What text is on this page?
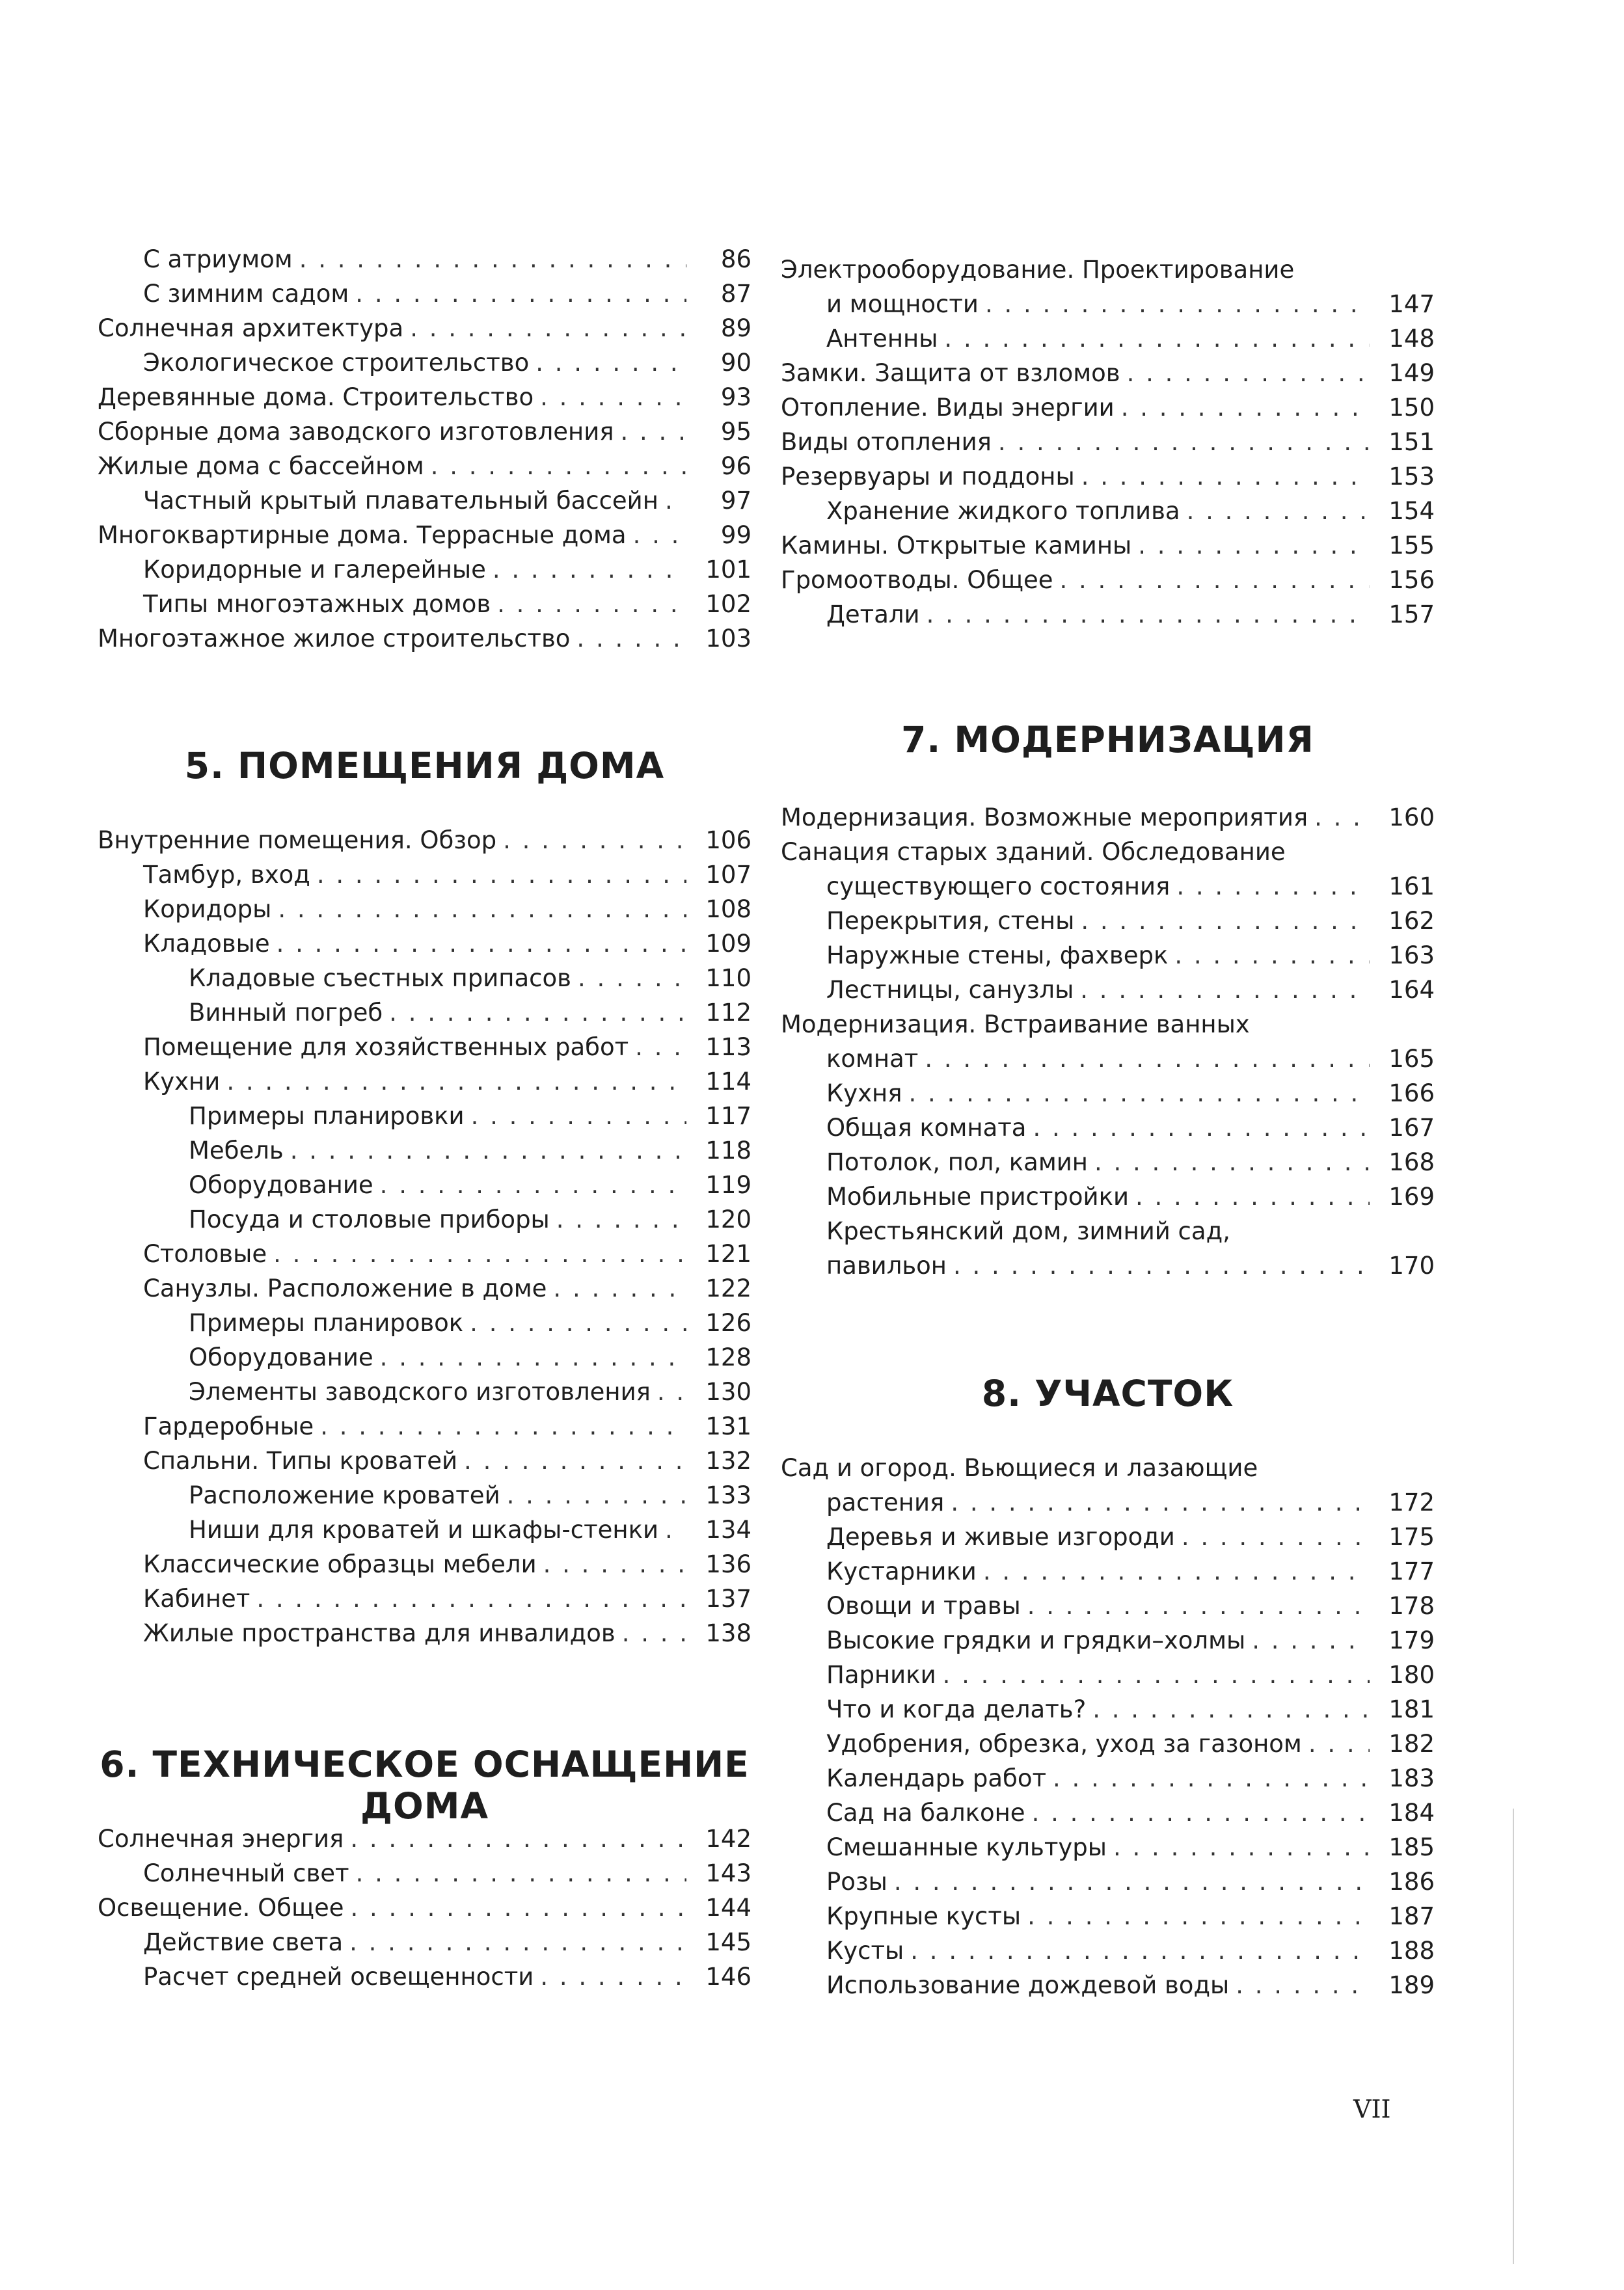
С атриумом . . .	86
С зимним садом . . .	87
Солнечная архитектура . . .	89
Экологическое строительство . . .	90
Деревянные дома. Строительство . . .	93
Сборные дома заводского изготовления . . .	95
Жилые дома с бассейном . . .	96
Частный крытый плавательный бассейн . . .	97
Многоквартирные дома. Террасные дома . . .	99
Коридорные и галерейные . . .	101
Типы многоэтажных домов . . .	102
Многоэтажное жилое строительство . . .	103
5. ПОМЕЩЕНИЯ ДОМА
Внутренние помещения. Обзор . . .	106
Тамбур, вход . . .	107
Коридоры . . .	108
Кладовые . . .	109
Кладовые съестных припасов . . .	110
Винный погреб . . .	112
Помещение для хозяйственных работ . . .	113
Кухни . . .	114
Примеры планировки . . .	117
Мебель . . .	118
Оборудование . . .	119
Посуда и столовые приборы . . .	120
Столовые . . .	121
Санузлы. Расположение в доме . . .	122
Примеры планировок . . .	126
Оборудование . . .	128
Элементы заводского изготовления . . .	130
Гардеробные . . .	131
Спальни. Типы кроватей . . .	132
Расположение кроватей . . .	133
Ниши для кроватей и шкафы-стенки . . .	134
Классические образцы мебели . . .	136
Кабинет . . .	137
Жилые пространства для инвалидов . . .	138
6. ТЕХНИЧЕСКОЕ ОСНАЩЕНИЕ ДОМА
Солнечная энергия . . .	142
Солнечный свет . . .	143
Освещение. Общее . . .	144
Действие света . . .	145
Расчет средней освещенности . . .	146
Электрооборудование. Проектирование
и мощности . . .	147
Антенны . . .	148
Замки. Защита от взломов . . .	149
Отопление. Виды энергии . . .	150
Виды отопления . . .	151
Резервуары и поддоны . . .	153
Хранение жидкого топлива . . .	154
Камины. Открытые камины . . .	155
Громоотводы. Общее . . .	156
Детали . . .	157
7. МОДЕРНИЗАЦИЯ
Модернизация. Возможные мероприятия . . .	160
Санация старых зданий. Обследование
существующего состояния . . .	161
Перекрытия, стены . . .	162
Наружные стены, фахверк . . .	163
Лестницы, санузлы . . .	164
Модернизация. Встраивание ванных
комнат . . .	165
Кухня . . .	166
Общая комната . . .	167
Потолок, пол, камин . . .	168
Мобильные пристройки . . .	169
Крестьянский дом, зимний сад,
павильон . . .	170
8. УЧАСТОК
Сад и огород. Вьющиеся и лазающие
растения . . .	172
Деревья и живые изгороди . . .	175
Кустарники . . .	177
Овощи и травы . . .	178
Высокие грядки и грядки–холмы . . .	179
Парники . . .	180
Что и когда делать? . . .	181
Удобрения, обрезка, уход за газоном . . .	182
Календарь работ . . .	183
Сад на балконе . . .	184
Смешанные культуры . . .	185
Розы . . .	186
Крупные кусты . . .	187
Кусты . . .	188
Использование дождевой воды . . .	189
VII
